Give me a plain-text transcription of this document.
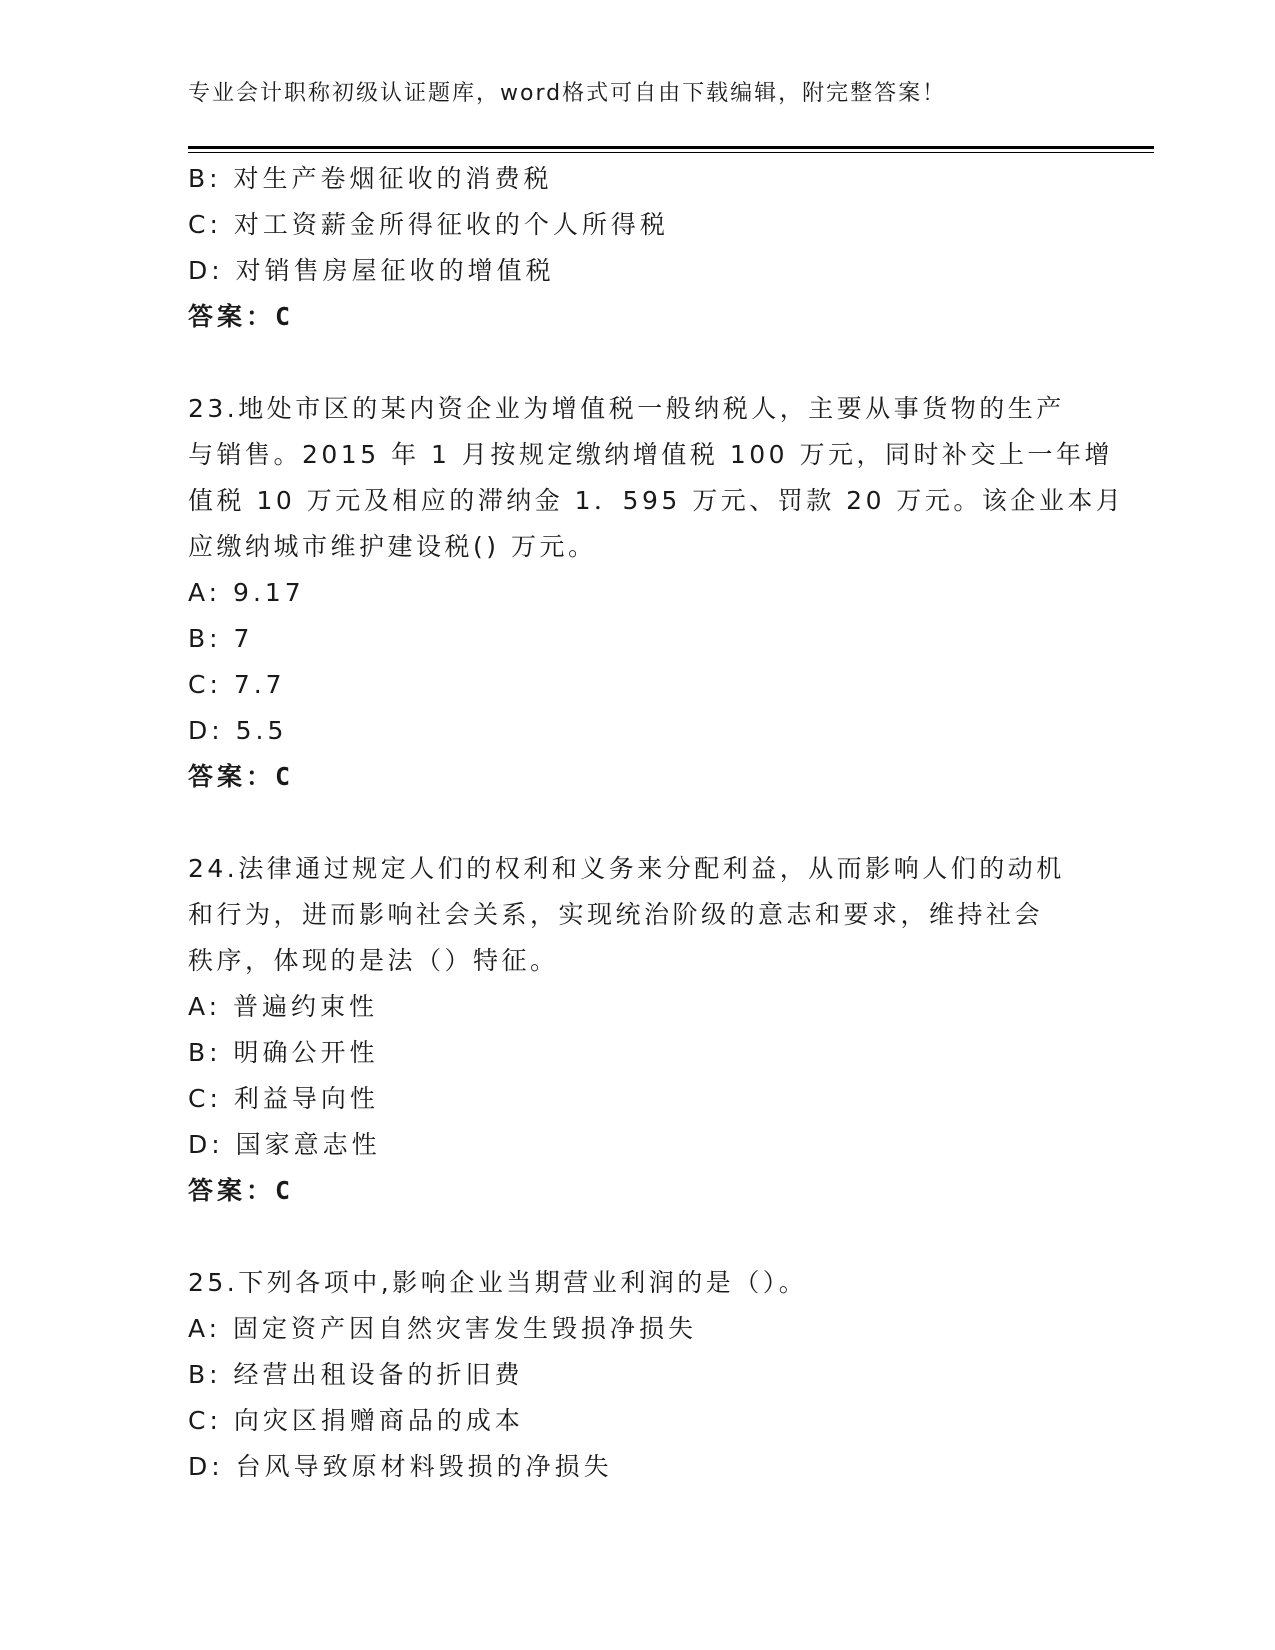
专业会计职称初级认证题库，word格式可自由下载编辑，附完整答案！
B: 对生产卷烟征收的消费税
C: 对工资薪金所得征收的个人所得税
D: 对销售房屋征收的增值税
答案：C
23.地处市区的某内资企业为增值税一般纳税人，主要从事货物的生产
与销售。2015 年 1 月按规定缴纳增值税 100 万元，同时补交上一年增
值税 10 万元及相应的滞纳金 1．595 万元、罚款 20 万元。该企业本月
应缴纳城市维护建设税() 万元。
A: 9.17
B: 7
C: 7.7
D: 5.5
答案：C
24.法律通过规定人们的权利和义务来分配利益，从而影响人们的动机
和行为，进而影响社会关系，实现统治阶级的意志和要求，维持社会
秩序，体现的是法（）特征。
A: 普遍约束性
B: 明确公开性
C: 利益导向性
D: 国家意志性
答案：C
25.下列各项中,影响企业当期营业利润的是（）。
A: 固定资产因自然灾害发生毁损净损失
B: 经营出租设备的折旧费
C: 向灾区捐赠商品的成本
D: 台风导致原材料毁损的净损失
